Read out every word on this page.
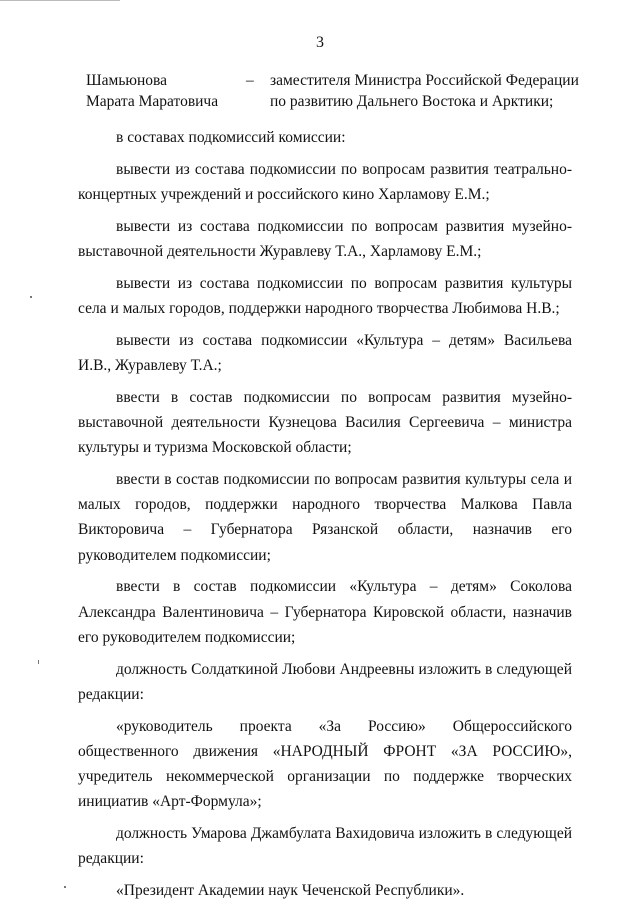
3
Шамьюнова
Марата Маратовича
– заместителя Министра Российской Федерации
по развитию Дальнего Востока и Арктики;

в составах подкомиссий комиссии:

вывести из состава подкомиссии по вопросам развития театрально-концертных учреждений и российского кино Харламову Е.М.;

вывести из состава подкомиссии по вопросам развития музейно-выставочной деятельности Журавлеву Т.А., Харламову Е.М.;

вывести из состава подкомиссии по вопросам развития культуры села и малых городов, поддержки народного творчества Любимова Н.В.;

вывести из состава подкомиссии «Культура – детям» Васильева И.В., Журавлеву Т.А.;

ввести в состав подкомиссии по вопросам развития музейно-выставочной деятельности Кузнецова Василия Сергеевича – министра культуры и туризма Московской области;

ввести в состав подкомиссии по вопросам развития культуры села и малых городов, поддержки народного творчества Малкова Павла Викторовича – Губернатора Рязанской области, назначив его руководителем подкомиссии;

ввести в состав подкомиссии «Культура – детям» Соколова Александра Валентиновича – Губернатора Кировской области, назначив его руководителем подкомиссии;

должность Солдаткиной Любови Андреевны изложить в следующей редакции:

«руководитель проекта «За Россию» Общероссийского общественного движения «НАРОДНЫЙ ФРОНТ «ЗА РОССИЮ», учредитель некоммерческой организации по поддержке творческих инициатив «Арт-Формула»;

должность Умарова Джамбулата Вахидовича изложить в следующей редакции:

«Президент Академии наук Чеченской Республики».
